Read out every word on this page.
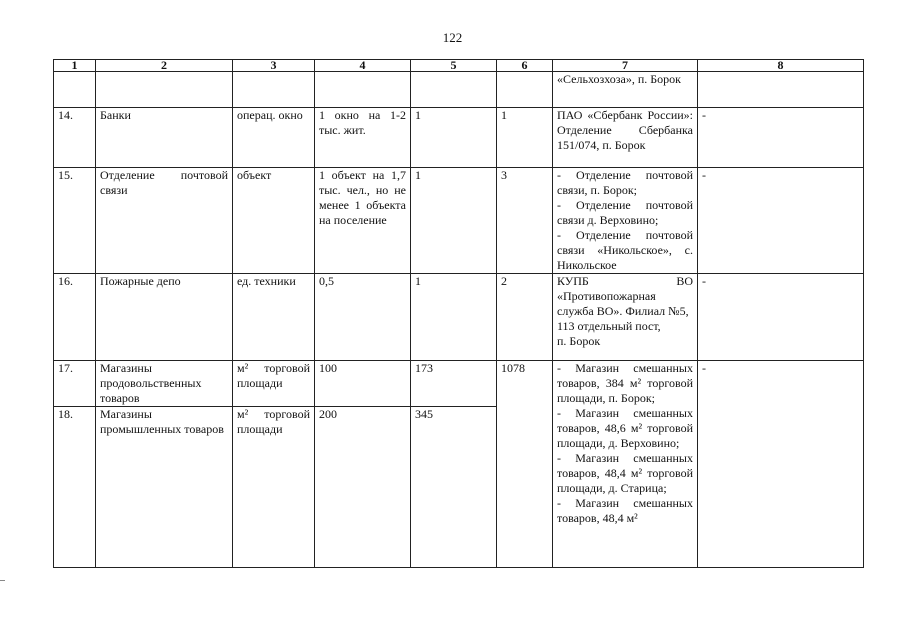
122
1	2	3	4	5	6	7	8
						«Сельхозхоза», п. Борок	
14.	Банки	операц. окно	1 окно на 1-2 тыс. жит.	1	1	ПАО «Сбербанк России»:
Отделение Сбербанка 151/074, п. Борок	-
15.	Отделение почтовой связи	объект	1 объект на 1,7 тыс. чел., но не менее 1 объекта на поселение	1	3	- Отделение почтовой связи, п. Борок;
- Отделение почтовой связи д. Верховино;
- Отделение почтовой связи «Никольское», с. Никольское	-
16.	Пожарные депо	ед. техники	0,5	1	2	КУПБ ВО «Противопожарная служба ВО». Филиал №5,
113 отдельный пост,
п. Борок	-
17.	Магазины продовольственных товаров	м² торговой площади	100	173	1078	- Магазин смешанных товаров, 384 м² торговой площади, п. Борок;
- Магазин смешанных товаров, 48,6 м² торговой площади, д. Верховино;
- Магазин смешанных товаров, 48,4 м² торговой площади, д. Старица;
- Магазин смешанных товаров, 48,4 м²	-
18.	Магазины промышленных товаров	м² торговой площади	200	345			
